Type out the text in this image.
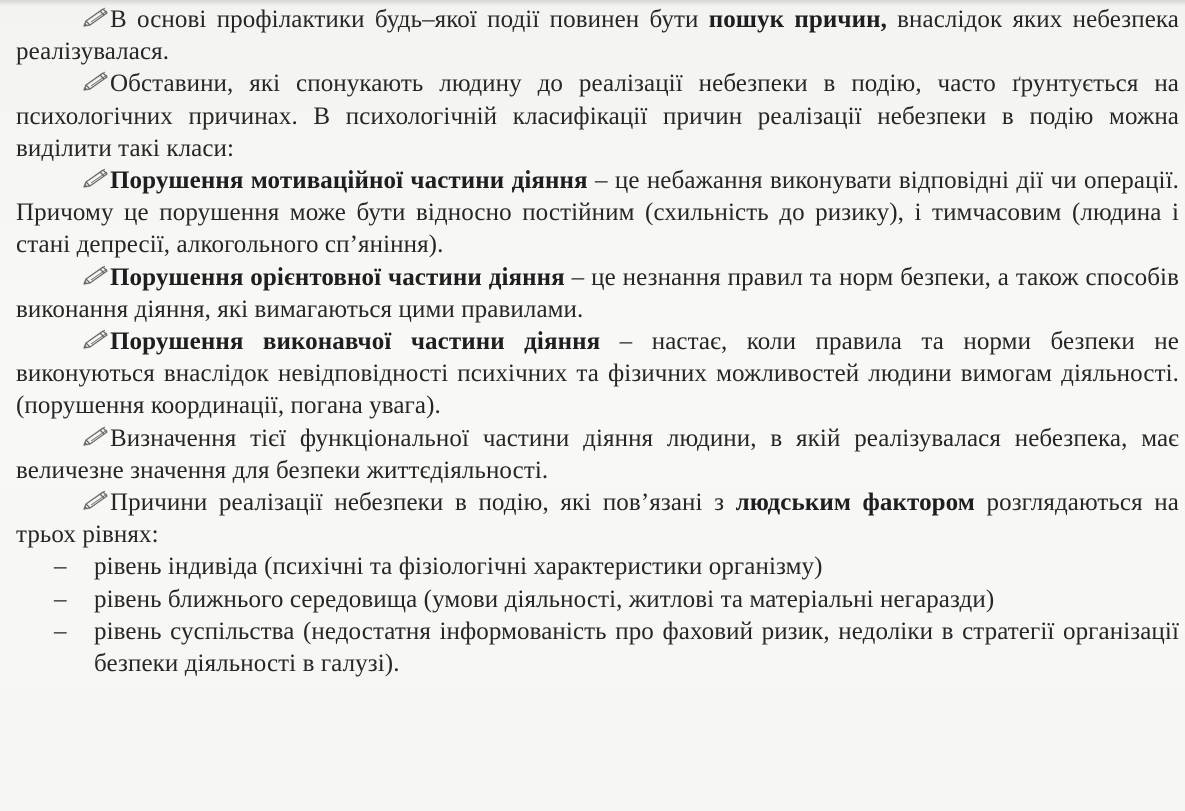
В основі профілактики будь–якої події повинен бути пошук причин, внаслідок яких небезпека реалізувалася.

Обставини, які спонукають людину до реалізації небезпеки в подію, часто ґрунтується на психологічних причинах. В психологічній класифікації причин реалізації небезпеки в подію можна виділити такі класи:

Порушення мотиваційної частини діяння – це небажання виконувати відповідні дії чи операції. Причому це порушення може бути відносно постійним (схильність до ризику), і тимчасовим (людина і стані депресії, алкогольного сп’яніння).

Порушення орієнтовної частини діяння – це незнання правил та норм безпеки, а також способів виконання діяння, які вимагаються цими правилами.

Порушення виконавчої частини діяння – настає, коли правила та норми безпеки не виконуються внаслідок невідповідності психічних та фізичних можливостей людини вимогам діяльності.(порушення координації, погана увага).

Визначення тієї функціональної частини діяння людини, в якій реалізувалася небезпека, має величезне значення для безпеки життєдіяльності.

Причини реалізації небезпеки в подію, які пов’язані з людським фактором розглядаються на трьох рівнях:

– рівень індивіда (психічні та фізіологічні характеристики організму)
– рівень ближнього середовища (умови діяльності, житлові та матеріальні негаразди)
– рівень суспільства (недостатня інформованість про фаховий ризик, недоліки в стратегії організації безпеки діяльності в галузі).
